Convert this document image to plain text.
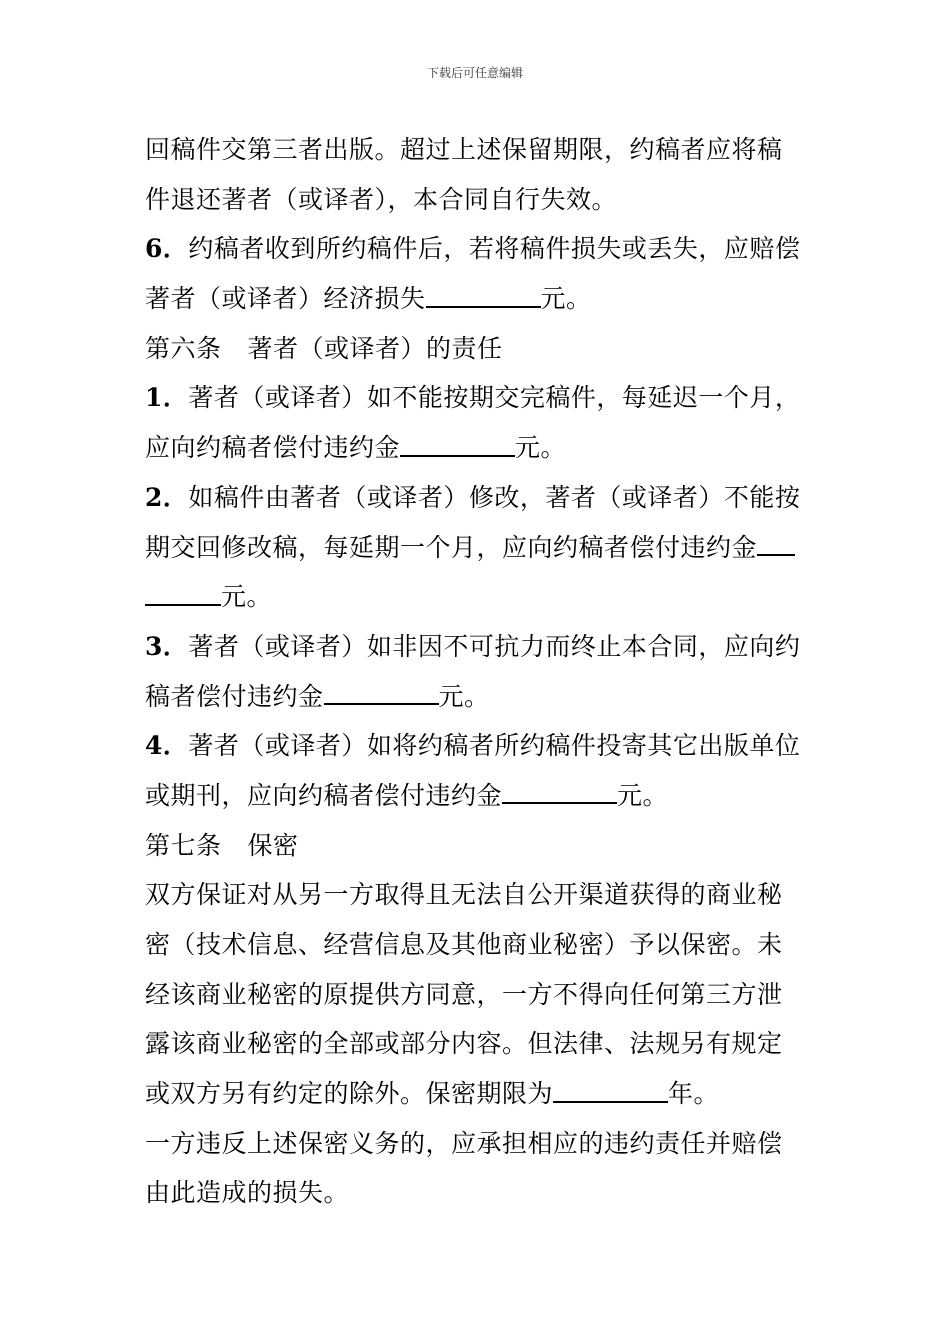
下载后可任意编辑
回稿件交第三者出版。超过上述保留期限，约稿者应将稿
件退还著者（或译者），本合同自行失效。
6．约稿者收到所约稿件后，若将稿件损失或丢失，应赔偿
著者（或译者）经济损失	元。
第六条 著者（或译者）的责任
1．著者（或译者）如不能按期交完稿件，每延迟一个月，
应向约稿者偿付违约金	元。
2．如稿件由著者（或译者）修改，著者（或译者）不能按
期交回修改稿，每延期一个月，应向约稿者偿付违约金
元。
3．著者（或译者）如非因不可抗力而终止本合同，应向约
稿者偿付违约金	元。
4．著者（或译者）如将约稿者所约稿件投寄其它出版单位
或期刊，应向约稿者偿付违约金	元。
第七条 保密
双方保证对从另一方取得且无法自公开渠道获得的商业秘
密（技术信息、经营信息及其他商业秘密）予以保密。未
经该商业秘密的原提供方同意，一方不得向任何第三方泄
露该商业秘密的全部或部分内容。但法律、法规另有规定
或双方另有约定的除外。保密期限为	年。
一方违反上述保密义务的，应承担相应的违约责任并赔偿
由此造成的损失。
